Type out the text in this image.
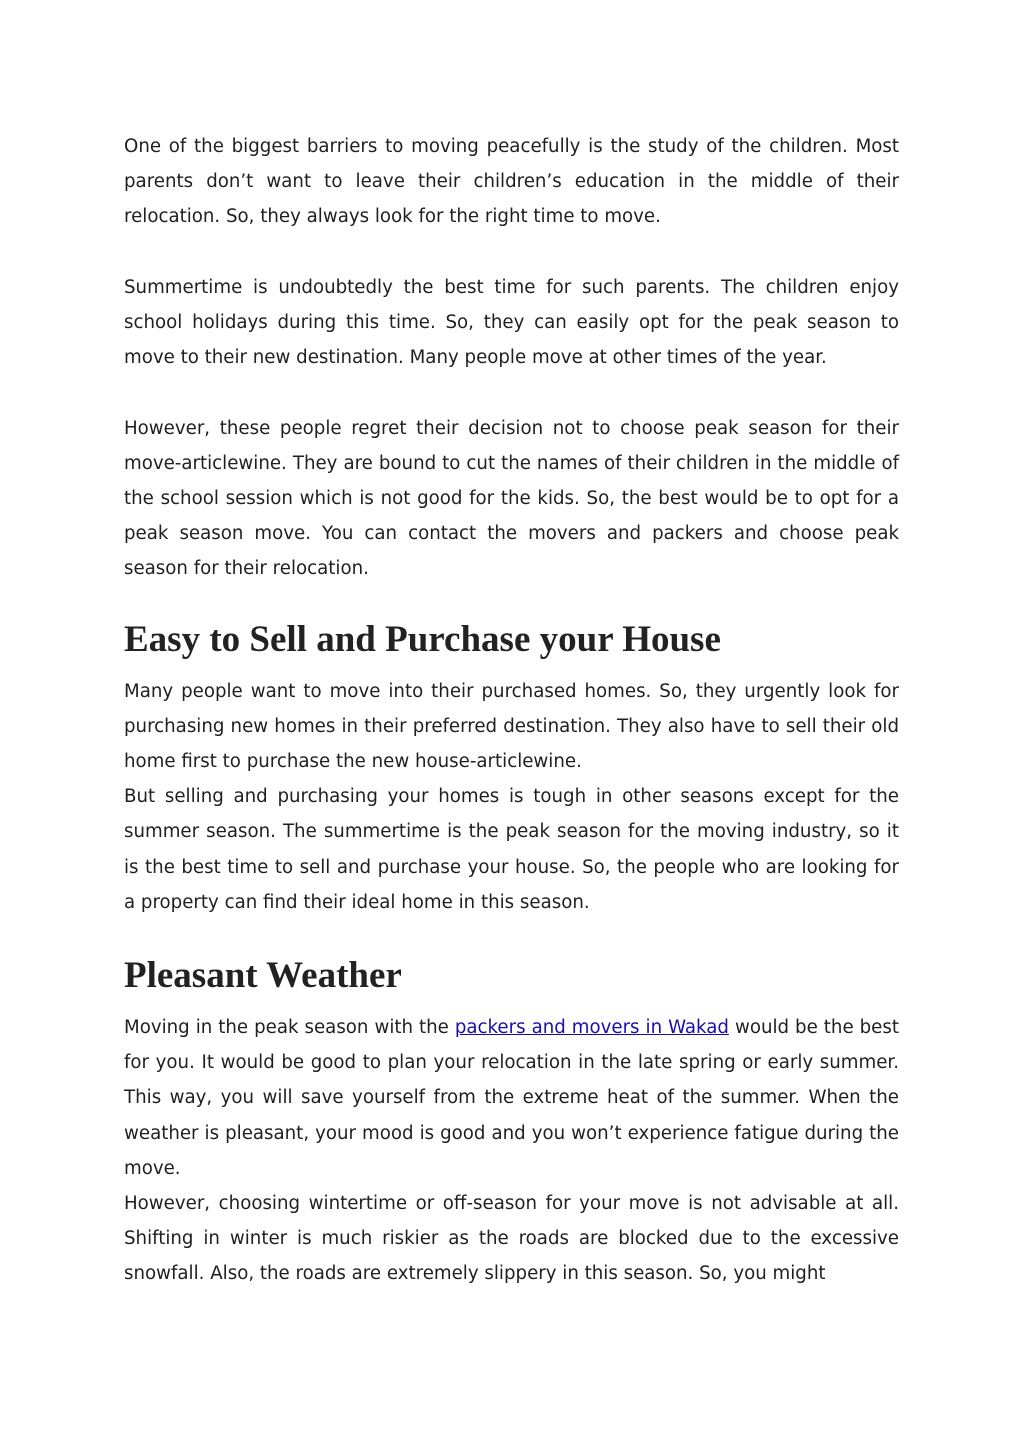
One of the biggest barriers to moving peacefully is the study of the children. Most parents don’t want to leave their children’s education in the middle of their relocation. So, they always look for the right time to move.

Summertime is undoubtedly the best time for such parents. The children enjoy school holidays during this time. So, they can easily opt for the peak season to move to their new destination. Many people move at other times of the year.

However, these people regret their decision not to choose peak season for their move-articlewine. They are bound to cut the names of their children in the middle of the school session which is not good for the kids. So, the best would be to opt for a peak season move. You can contact the movers and packers and choose peak season for their relocation.

Easy to Sell and Purchase your House

Many people want to move into their purchased homes. So, they urgently look for purchasing new homes in their preferred destination. They also have to sell their old home first to purchase the new house-articlewine.

But selling and purchasing your homes is tough in other seasons except for the summer season. The summertime is the peak season for the moving industry, so it is the best time to sell and purchase your house. So, the people who are looking for a property can find their ideal home in this season.

Pleasant Weather

Moving in the peak season with the packers and movers in Wakad would be the best for you. It would be good to plan your relocation in the late spring or early summer. This way, you will save yourself from the extreme heat of the summer. When the weather is pleasant, your mood is good and you won’t experience fatigue during the move.

However, choosing wintertime or off-season for your move is not advisable at all. Shifting in winter is much riskier as the roads are blocked due to the excessive snowfall. Also, the roads are extremely slippery in this season. So, you might
